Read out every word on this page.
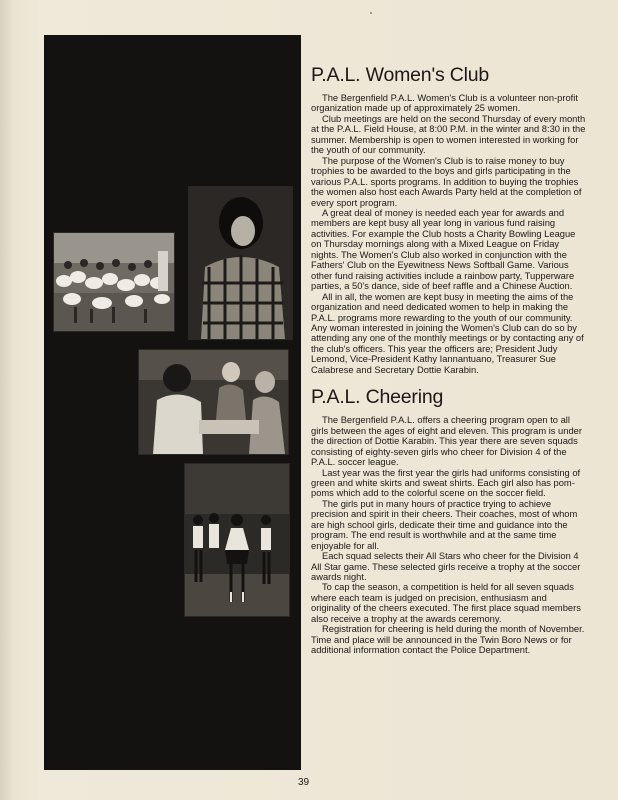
P.A.L. Women's Club

The Bergenfield P.A.L. Women's Club is a volunteer non-profit organization made up of approximately 25 women.

Club meetings are held on the second Thursday of every month at the P.A.L. Field House, at 8:00 P.M. in the winter and 8:30 in the summer. Membership is open to women interested in working for the youth of our community.

The purpose of the Women's Club is to raise money to buy trophies to be awarded to the boys and girls participating in the various P.A.L. sports programs. In addition to buying the trophies the women also host each Awards Party held at the completion of every sport program.

A great deal of money is needed each year for awards and members are kept busy all year long in various fund raising activities. For example the Club hosts a Charity Bowling League on Thursday mornings along with a Mixed League on Friday nights. The Women's Club also worked in conjunction with the Fathers' Club on the Eyewitness News Softball Game. Various other fund raising activities include a rainbow party, Tupperware parties, a 50's dance, side of beef raffle and a Chinese Auction.

All in all, the women are kept busy in meeting the aims of the organization and need dedicated women to help in making the P.A.L. programs more rewarding to the youth of our community. Any woman interested in joining the Women's Club can do so by attending any one of the monthly meetings or by contacting any of the club's officers. This year the officers are; President Judy Lemond, Vice-President Kathy Iannantuano, Treasurer Sue Calabrese and Secretary Dottie Karabin.

P.A.L. Cheering

The Bergenfield P.A.L. offers a cheering program open to all girls between the ages of eight and eleven. This program is under the direction of Dottie Karabin. This year there are seven squads consisting of eighty-seven girls who cheer for Division 4 of the P.A.L. soccer league.

Last year was the first year the girls had uniforms consisting of green and white skirts and sweat shirts. Each girl also has pom-poms which add to the colorful scene on the soccer field.

The girls put in many hours of practice trying to achieve precision and spirit in their cheers. Their coaches, most of whom are high school girls, dedicate their time and guidance into the program. The end result is worthwhile and at the same time enjoyable for all.

Each squad selects their All Stars who cheer for the Division 4 All Star game. These selected girls receive a trophy at the soccer awards night.

To cap the season, a competition is held for all seven squads where each team is judged on precision, enthusiasm and originality of the cheers executed. The first place squad members also receive a trophy at the awards ceremony.

Registration for cheering is held during the month of November. Time and place will be announced in the Twin Boro News or for additional information contact the Police Department.

39
